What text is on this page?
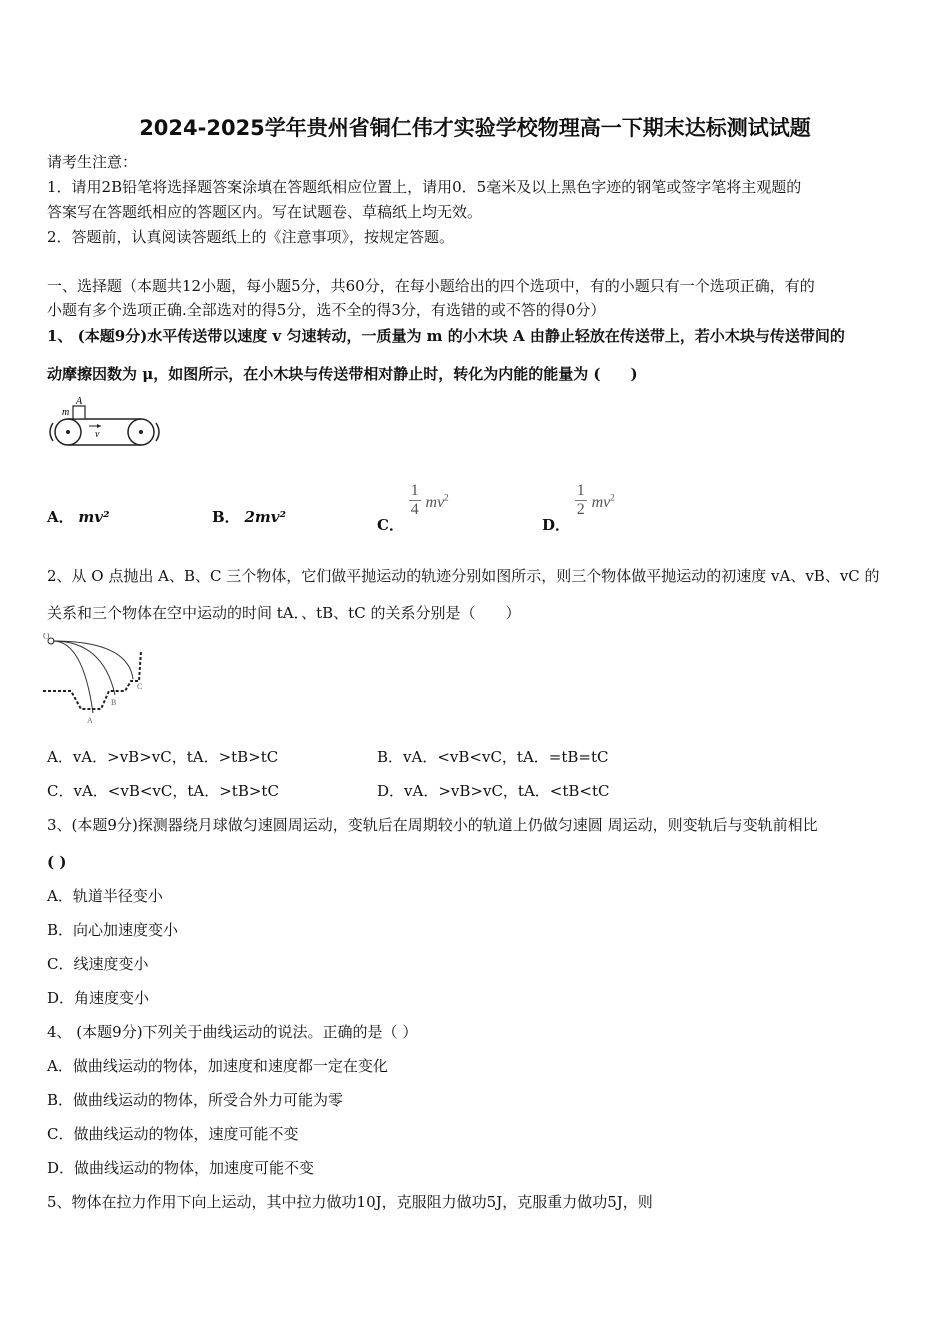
2024-2025学年贵州省铜仁伟才实验学校物理高一下期末达标测试试题
请考生注意：
1．请用2B铅笔将选择题答案涂填在答题纸相应位置上，请用0．5毫米及以上黑色字迹的钢笔或签字笔将主观题的
答案写在答题纸相应的答题区内。写在试题卷、草稿纸上均无效。
2．答题前，认真阅读答题纸上的《注意事项》，按规定答题。
一、选择题（本题共12小题，每小题5分，共60分，在每小题给出的四个选项中，有的小题只有一个选项正确，有的
小题有多个选项正确.全部选对的得5分，选不全的得3分，有选错的或不答的得0分）
1、 (本题9分)水平传送带以速度 v 匀速转动，一质量为 m 的小木块 A 由静止轻放在传送带上，若小木块与传送带间的
动摩擦因数为 μ，如图所示，在小木块与传送带相对静止时，转化为内能的能量为 (　　)
m
A
v
A． mv²	B． 2mv²	C．
$\frac{1}{4} mv^2$
D．
$\frac{1}{2} mv^2$
2、从 O 点抛出 A、B、C 三个物体，它们做平抛运动的轨迹分别如图所示，则三个物体做平抛运动的初速度 vA、vB、vC 的
关系和三个物体在空中运动的时间 tA．、tB、tC 的关系分别是（　　）
O
A
B
C
A．vA．>vB>vC，tA．>tB>tC	B．vA．<vB<vC，tA．=tB=tC
C．vA．<vB<vC，tA．>tB>tC	D．vA．>vB>vC，tA．<tB<tC
3、(本题9分)探测器绕月球做匀速圆周运动，变轨后在周期较小的轨道上仍做匀速圆 周运动，则变轨后与变轨前相比
( )
A．轨道半径变小
B．向心加速度变小
C．线速度变小
D．角速度变小
4、 (本题9分)下列关于曲线运动的说法。正确的是（ ）
A．做曲线运动的物体，加速度和速度都一定在变化
B．做曲线运动的物体，所受合外力可能为零
C．做曲线运动的物体，速度可能不变
D．做曲线运动的物体，加速度可能不变
5、物体在拉力作用下向上运动，其中拉力做功10J，克服阻力做功5J，克服重力做功5J，则
